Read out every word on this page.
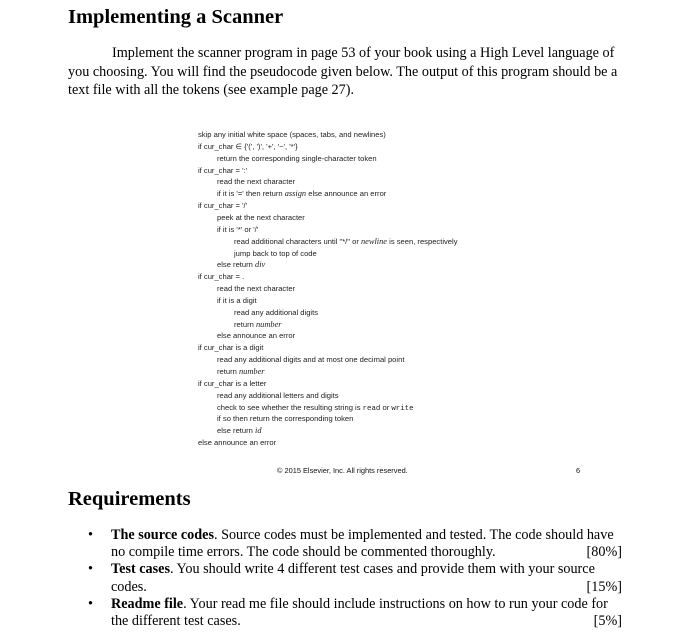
Implementing a Scanner
Implement the scanner program in page 53 of your book using a High Level language of
you choosing. You will find the pseudocode given below. The output of this program should be a
text file with all the tokens (see example page 27).
skip any initial white space (spaces, tabs, and newlines)
if cur_char ∈ {'(', ')', '+', '−', '*'}
return the corresponding single-character token
if cur_char = ':'
read the next character
if it is '=' then return assign else announce an error
if cur_char = '/'
peek at the next character
if it is '*' or '/'
read additional characters until "*/" or newline is seen, respectively
jump back to top of code
else return div
if cur_char = .
read the next character
if it is a digit
read any additional digits
return number
else announce an error
if cur_char is a digit
read any additional digits and at most one decimal point
return number
if cur_char is a letter
read any additional letters and digits
check to see whether the resulting string is read or write
if so then return the corresponding token
else return id
else announce an error
© 2015 Elsevier, Inc. All rights reserved.	6
Requirements
• The source codes. Source codes must be implemented and tested. The code should have
no compile time errors. The code should be commented thoroughly.	[80%]
• Test cases. You should write 4 different test cases and provide them with your source
codes.	[15%]
• Readme file. Your read me file should include instructions on how to run your code for
the different test cases.	[5%]
